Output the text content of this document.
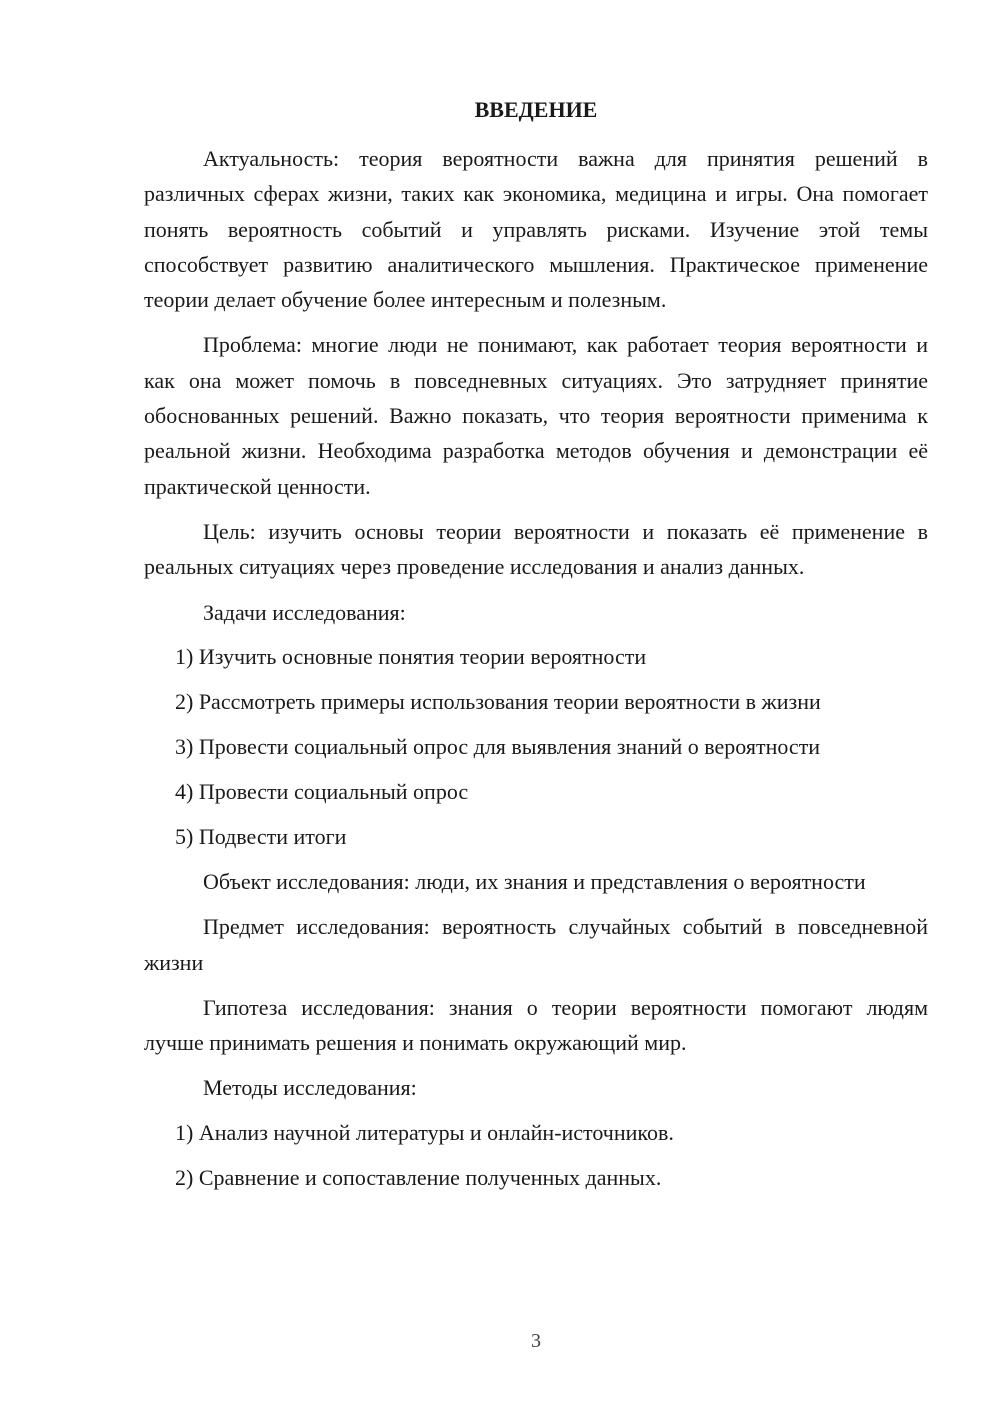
ВВЕДЕНИЕ

Актуальность: теория вероятности важна для принятия решений в различных сферах жизни, таких как экономика, медицина и игры. Она помогает понять вероятность событий и управлять рисками. Изучение этой темы способствует развитию аналитического мышления. Практическое применение теории делает обучение более интересным и полезным.

Проблема: многие люди не понимают, как работает теория вероятности и как она может помочь в повседневных ситуациях. Это затрудняет принятие обоснованных решений. Важно показать, что теория вероятности применима к реальной жизни. Необходима разработка методов обучения и демонстрации её практической ценности.

Цель: изучить основы теории вероятности и показать её применение в реальных ситуациях через проведение исследования и анализ данных.

Задачи исследования:
1) Изучить основные понятия теории вероятности
2) Рассмотреть примеры использования теории вероятности в жизни
3) Провести социальный опрос для выявления знаний о вероятности
4) Провести социальный опрос
5) Подвести итоги

Объект исследования: люди, их знания и представления о вероятности

Предмет исследования: вероятность случайных событий в повседневной жизни

Гипотеза исследования: знания о теории вероятности помогают людям лучше принимать решения и понимать окружающий мир.

Методы исследования:
1) Анализ научной литературы и онлайн-источников.
2) Сравнение и сопоставление полученных данных.
3
